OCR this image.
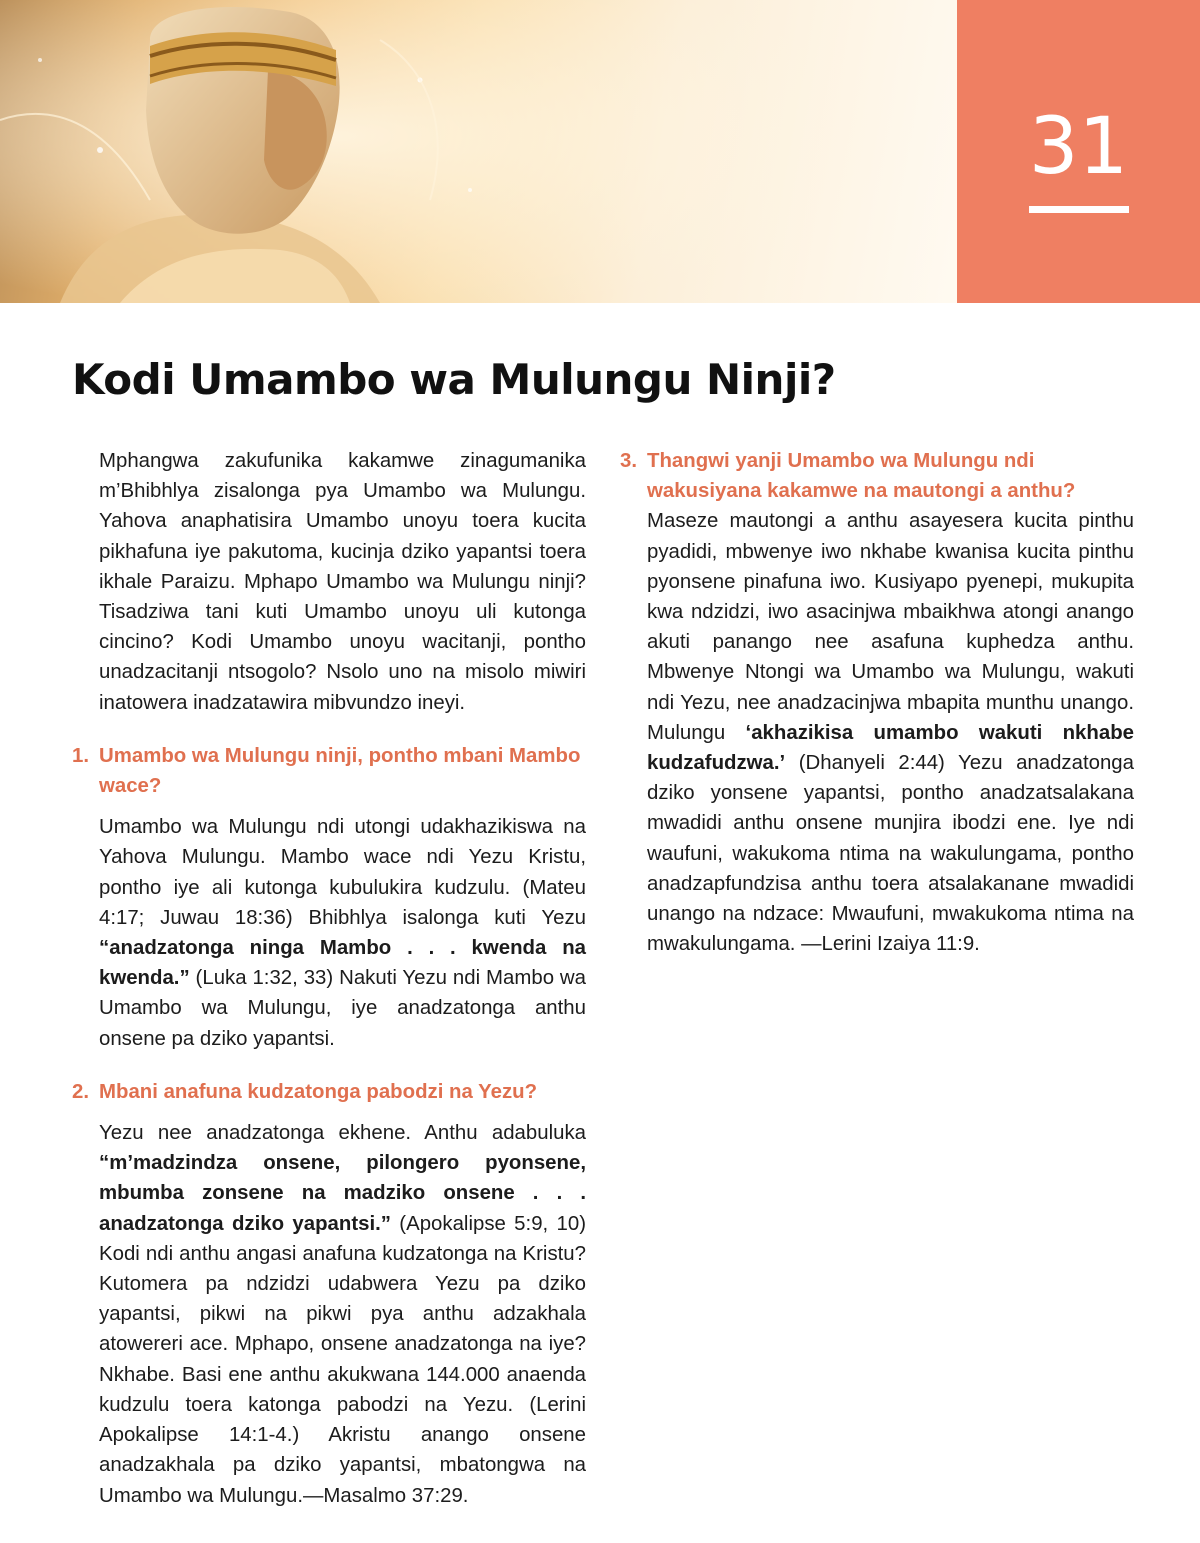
31
Kodi Umambo wa Mulungu Ninji?

Mphangwa zakufunika kakamwe zinagumanika m’Bhibhlya zisalonga pya Umambo wa Mulungu. Yahova anaphatisira Umambo unoyu toera kucita pikhafuna iye pakutoma, kucinja dziko yapantsi toera ikhale Paraizu. Mphapo Umambo wa Mulungu ninji? Tisadziwa tani kuti Umambo unoyu uli kutonga cincino? Kodi Umambo unoyu wacitanji, pontho unadzacitanji ntsogolo? Nsolo uno na misolo miwiri inatowera inadzatawira mibvundzo ineyi.

1. Umambo wa Mulungu ninji, pontho mbani Mambo wace?

Umambo wa Mulungu ndi utongi udakhazikiswa na Yahova Mulungu. Mambo wace ndi Yezu Kristu, pontho iye ali kutonga kubulukira kudzulu. (Mateu 4:17; Juwau 18:36) Bhibhlya isalonga kuti Yezu “anadzatonga ninga Mambo . . . kwenda na kwenda.” (Luka 1:32, 33) Nakuti Yezu ndi Mambo wa Umambo wa Mulungu, iye anadzatonga anthu onsene pa dziko yapantsi.

2. Mbani anafuna kudzatonga pabodzi na Yezu?

Yezu nee anadzatonga ekhene. Anthu adabuluka “m’madzindza onsene, pilongero pyonsene, mbumba zonsene na madziko onsene . . . anadzatonga dziko yapantsi.” (Apokalipse 5:9, 10) Kodi ndi anthu angasi anafuna kudzatonga na Kristu? Kutomera pa ndzidzi udabwera Yezu pa dziko yapantsi, pikwi na pikwi pya anthu adzakhala atowereri ace. Mphapo, onsene anadzatonga na iye? Nkhabe. Basi ene anthu akukwana 144.000 anaenda kudzulu toera katonga pabodzi na Yezu. (Lerini Apokalipse 14:1-4.) Akristu anango onsene anadzakhala pa dziko yapantsi, mbatongwa na Umambo wa Mulungu.—Masalmo 37:29.

3. Thangwi yanji Umambo wa Mulungu ndi wakusiyana kakamwe na mautongi a anthu?

Maseze mautongi a anthu asayesera kucita pinthu pyadidi, mbwenye iwo nkhabe kwanisa kucita pinthu pyonsene pinafuna iwo. Kusiyapo pyenepi, mukupita kwa ndzidzi, iwo asacinjwa mbaikhwa atongi anango akuti panango nee asafuna kuphedza anthu. Mbwenye Ntongi wa Umambo wa Mulungu, wakuti ndi Yezu, nee anadzacinjwa mbapita munthu unango. Mulungu ‘akhazikisa umambo wakuti nkhabe kudzafudzwa.’ (Dhanyeli 2:44) Yezu anadzatonga dziko yonsene yapantsi, pontho anadzatsalakana mwadidi anthu onsene munjira ibodzi ene. Iye ndi waufuni, wakukoma ntima na wakulungama, pontho anadzapfundzisa anthu toera atsalakanane mwadidi unango na ndzace: Mwaufuni, mwakukoma ntima na mwakulungama. —Lerini Izaiya 11:9.
